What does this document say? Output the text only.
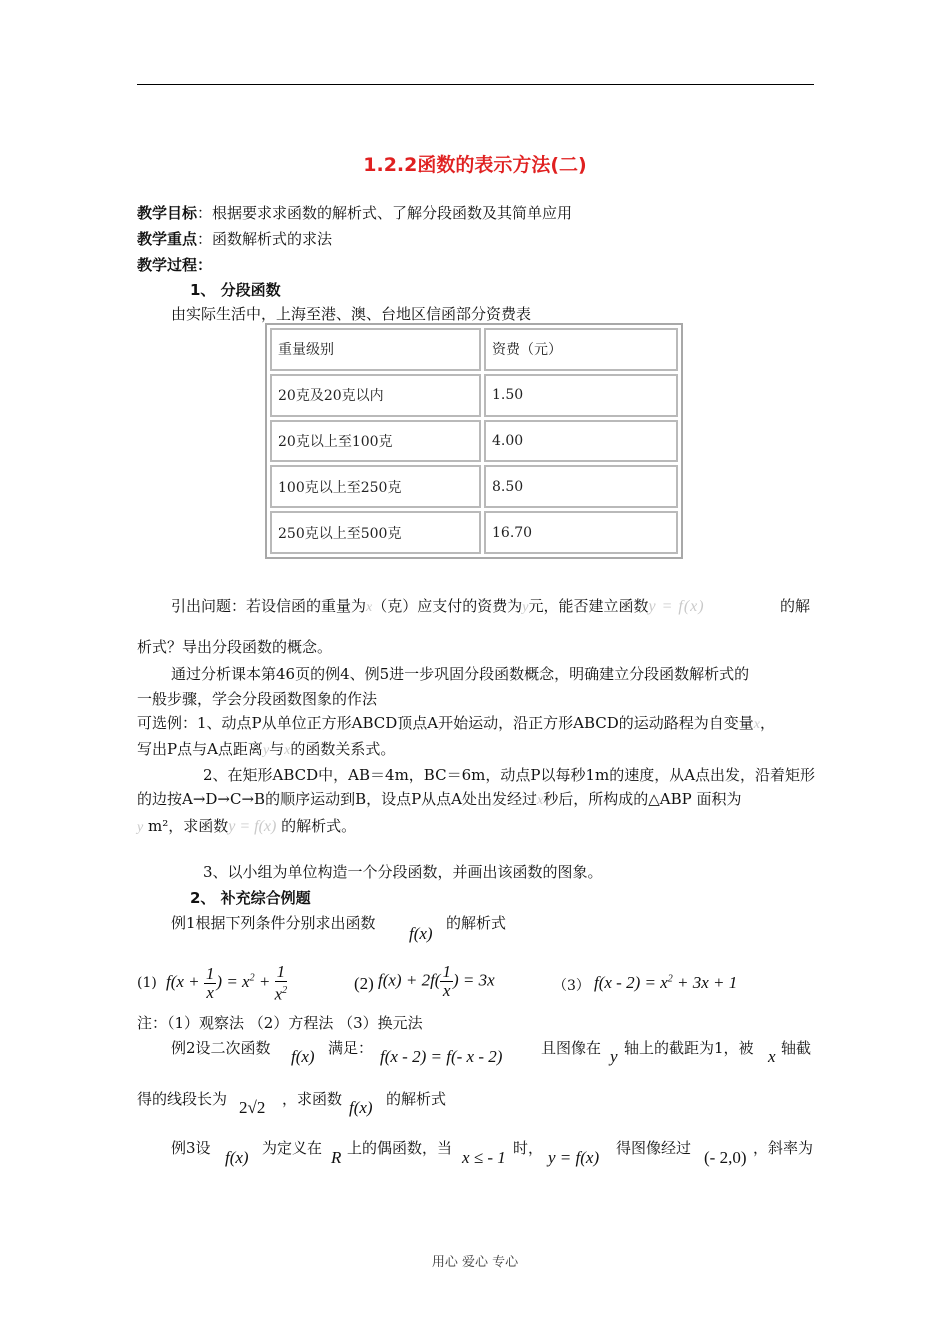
1.2.2函数的表示方法(二)
教学目标：根据要求求函数的解析式、了解分段函数及其简单应用
教学重点：函数解析式的求法
教学过程：
1、 分段函数
由实际生活中，上海至港、澳、台地区信函部分资费表
重量级别	资费（元）
20克及20克以内	1.50
20克以上至100克	4.00
100克以上至250克	8.50
250克以上至500克	16.70
引出问题：若设信函的重量为x（克）应支付的资费为y元，能否建立函数y = f(x)	的解
析式？导出分段函数的概念。
通过分析课本第46页的例4、例5进一步巩固分段函数概念，明确建立分段函数解析式的
一般步骤，学会分段函数图象的作法
可选例：1、动点P从单位正方形ABCD顶点A开始运动，沿正方形ABCD的运动路程为自变量x，
写出P点与A点距离y与x的函数关系式。
2、在矩形ABCD中，AB＝4m，BC＝6m，动点P以每秒1m的速度，从A点出发，沿着矩形
的边按A→D→C→B的顺序运动到B，设点P从点A处出发经过x秒后，所构成的△ABP 面积为
y m²，求函数y = f(x) 的解析式。
3、以小组为单位构造一个分段函数，并画出该函数的图象。
2、 补充综合例题
例1根据下列条件分别求出函数
f(x)
的解析式
(1) $f(x + \frac{1}{x}$ ) = $x^2 + \frac{1}{x^2}$	(2) $f(x) + 2f( \frac{1}{x}$ ) = 3x	（3） $f(x - 2) = x^2 + 3x + 1$
注：（1）观察法 （2）方程法 （3）换元法
例2设二次函数 f(x) 满足： f(x - 2) = f(- x - 2)	且图像在 y 轴上的截距为1，被 x 轴截
得的线段长为 2√2 ，求函数 f(x) 的解析式
例3设 f(x) 为定义在 R 上的偶函数，当 x ≤ - 1 时， y = f(x) 得图像经过 (- 2,0) ，斜率为
用心 爱心 专心
